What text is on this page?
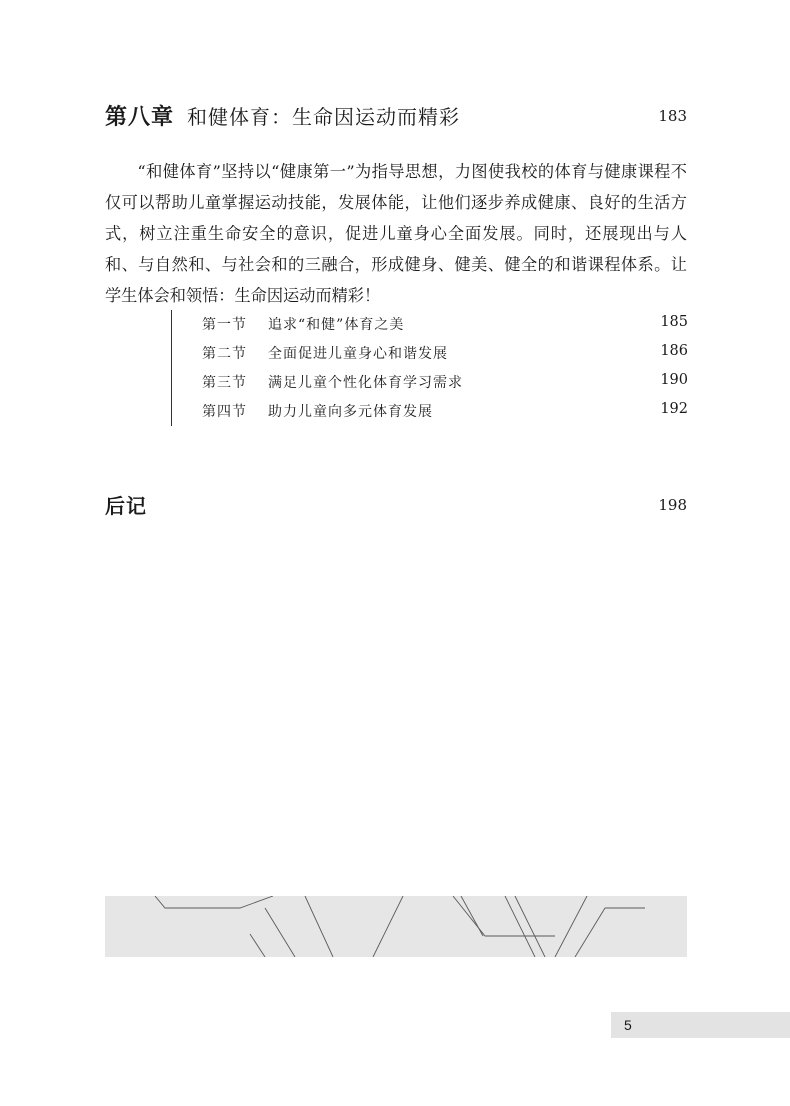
第八章 和健体育：生命因运动而精彩	183

“和健体育”坚持以“健康第一”为指导思想，力图使我校的体育与健康课程不仅可以帮助儿童掌握运动技能，发展体能，让他们逐步养成健康、良好的生活方式，树立注重生命安全的意识，促进儿童身心全面发展。同时，还展现出与人和、与自然和、与社会和的三融合，形成健身、健美、健全的和谐课程体系。让学生体会和领悟：生命因运动而精彩！

第一节 追求“和健”体育之美	185
第二节 全面促进儿童身心和谐发展	186
第三节 满足儿童个性化体育学习需求	190
第四节 助力儿童向多元体育发展	192
后记	198
5
